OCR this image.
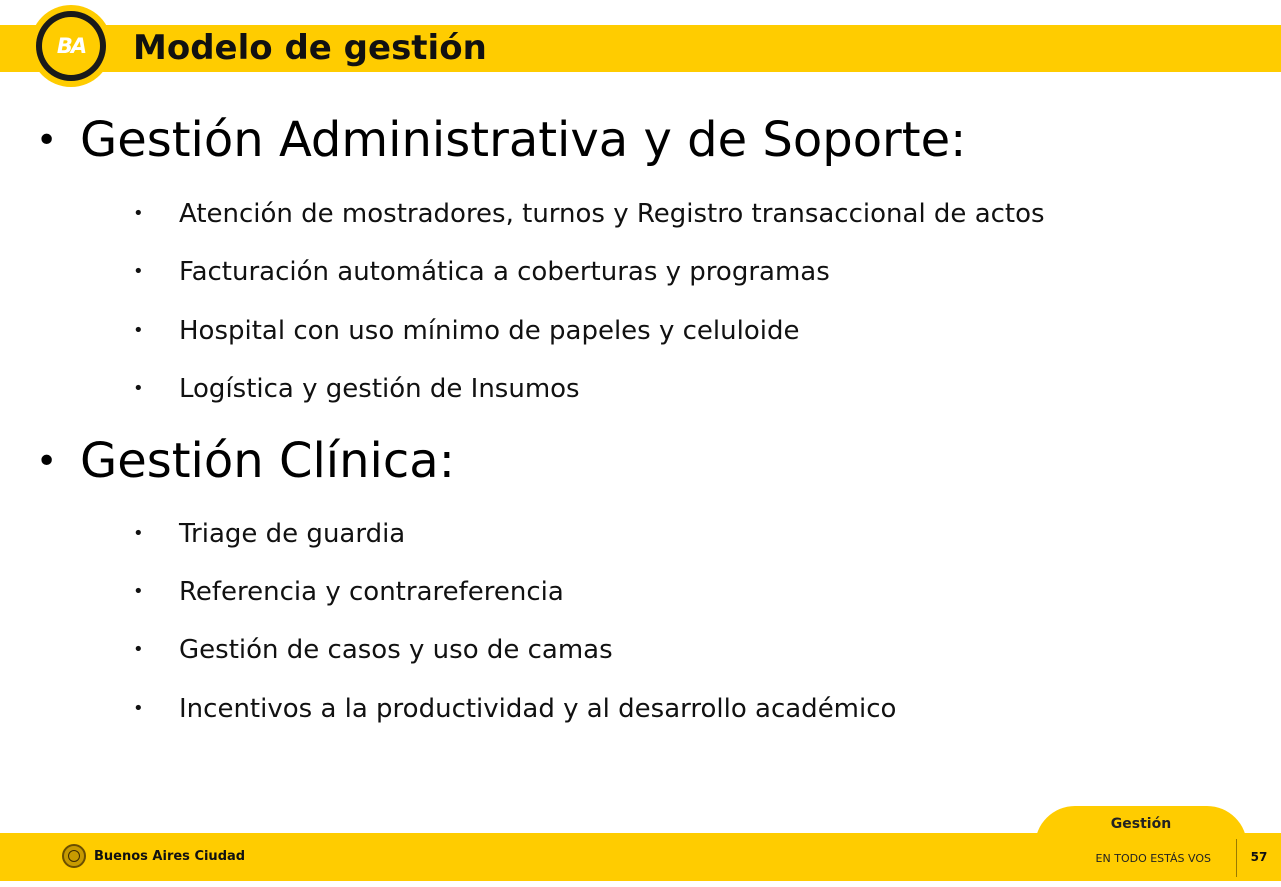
BA	Modelo de gestión
• Gestión Administrativa y de Soporte:
• Atención de mostradores, turnos y Registro transaccional de actos
• Facturación automática a coberturas y programas
• Hospital con uso mínimo de papeles y celuloide
• Logística y gestión de Insumos
• Gestión Clínica:
• Triage de guardia
• Referencia y contrareferencia
• Gestión de casos y uso de camas
• Incentivos a la productividad y al desarrollo académico
Gestión
Buenos Aires Ciudad	EN TODO ESTÁS VOS	57
